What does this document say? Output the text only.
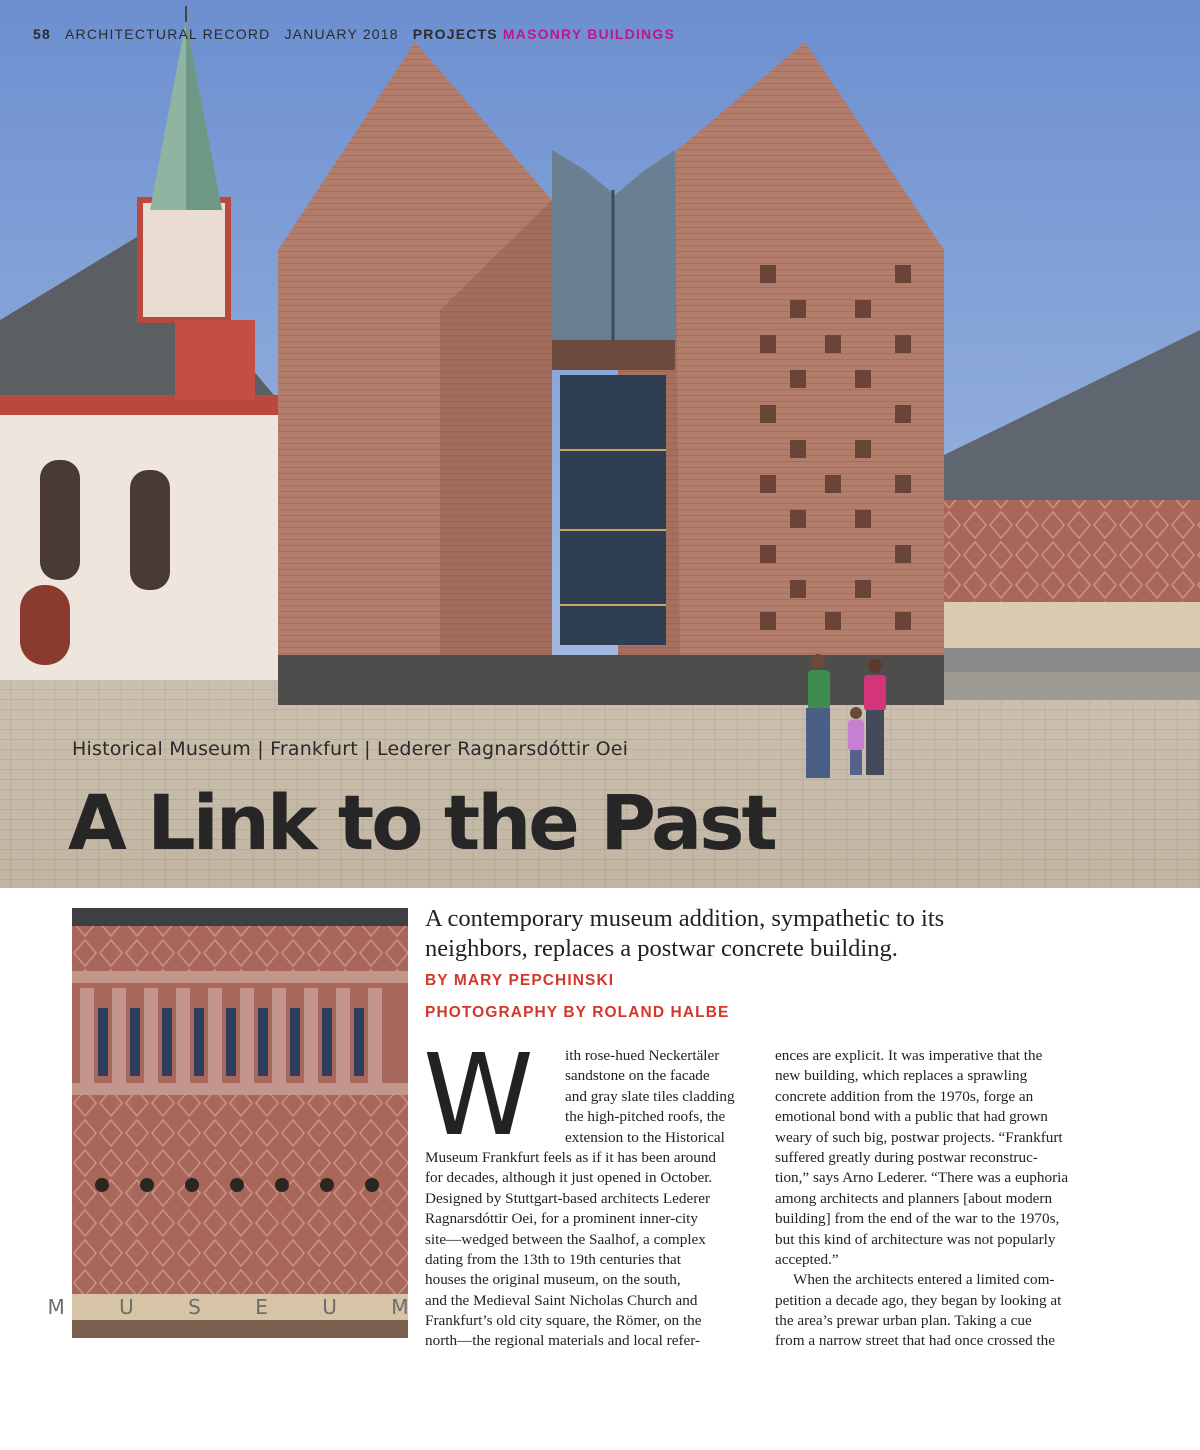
58 ARCHITECTURAL RECORD JANUARY 2018 PROJECTS MASONRY BUILDINGS
Historical Museum | Frankfurt | Lederer Ragnarsdóttir Oei
A Link to the Past
M U S E U M
A contemporary museum addition, sympathetic to its
neighbors, replaces a postwar concrete building.
BY MARY PEPCHINSKI
PHOTOGRAPHY BY ROLAND HALBE
W	ith rose-hued Neckertäler
sandstone on the facade
and gray slate tiles cladding
the high-pitched roofs, the
extension to the Historical
Museum Frankfurt feels as if it has been around
for decades, although it just opened in October.
Designed by Stuttgart-based architects Lederer
Ragnarsdóttir Oei, for a prominent inner-city
site—wedged between the Saalhof, a complex
dating from the 13th to 19th centuries that
houses the original museum, on the south,
and the Medieval Saint Nicholas Church and
Frankfurt’s old city square, the Römer, on the
north—the regional materials and local refer-
ences are explicit. It was imperative that the
new building, which replaces a sprawling
concrete addition from the 1970s, forge an
emotional bond with a public that had grown
weary of such big, postwar projects. “Frankfurt
suffered greatly during postwar reconstruc-
tion,” says Arno Lederer. “There was a euphoria
among architects and planners [about modern
building] from the end of the war to the 1970s,
but this kind of architecture was not popularly
accepted.”
When the architects entered a limited com-
petition a decade ago, they began by looking at
the area’s prewar urban plan. Taking a cue
from a narrow street that had once crossed the
